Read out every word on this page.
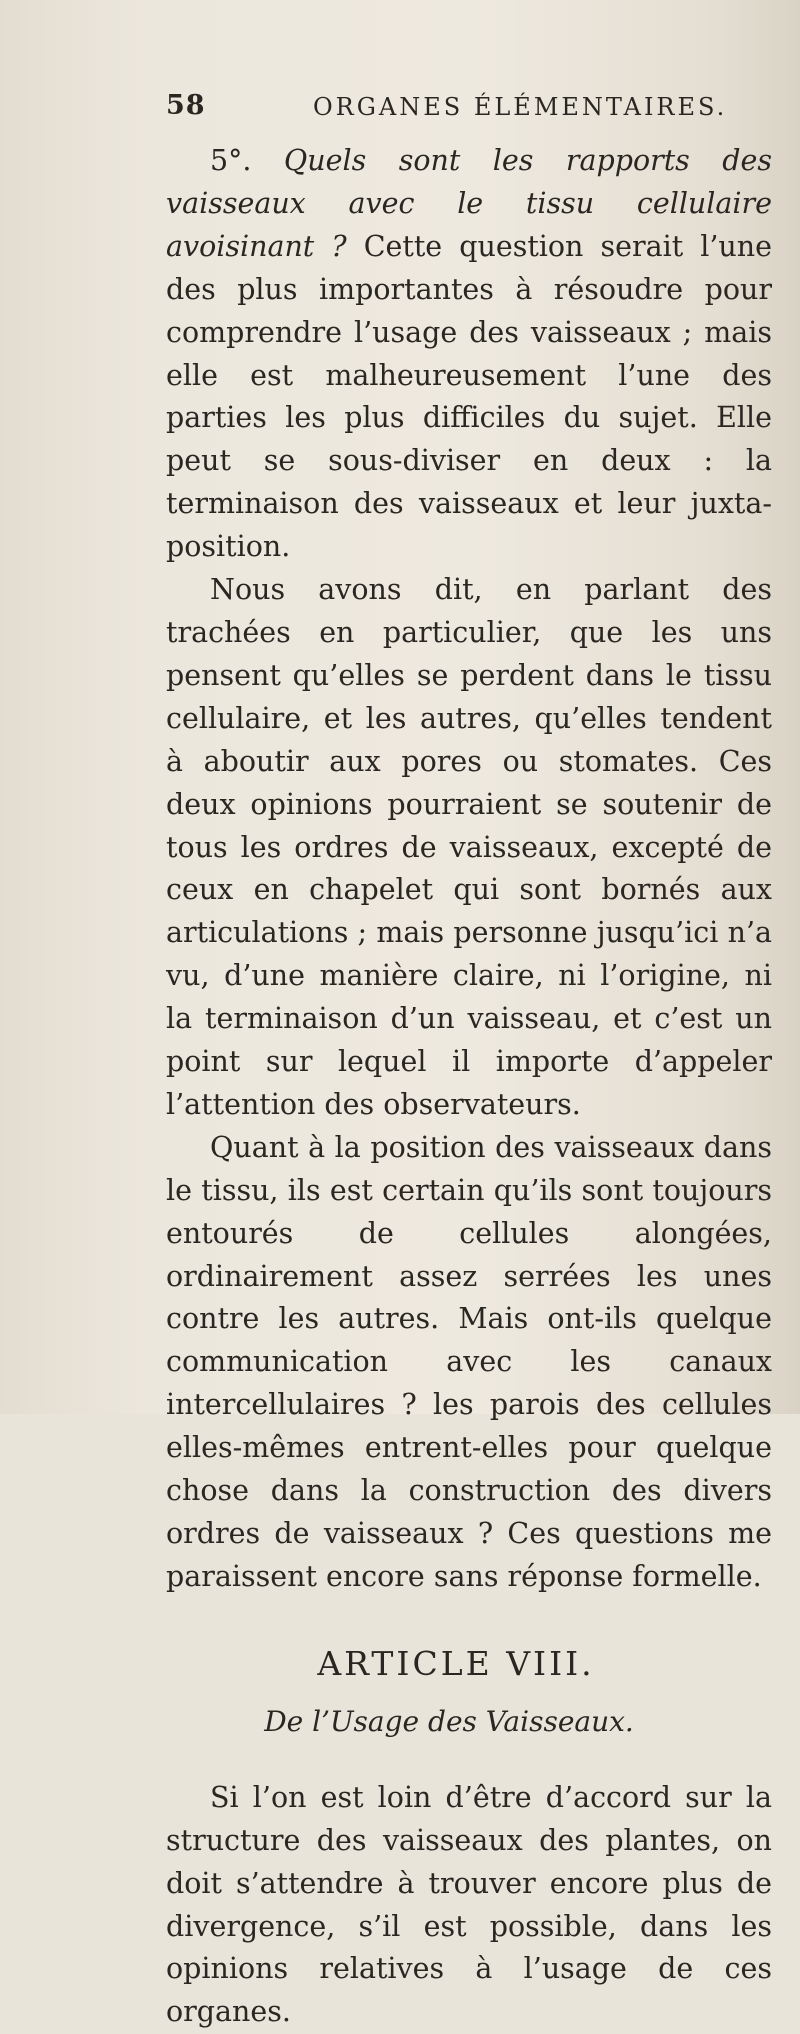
58	ORGANES ÉLÉMENTAIRES.

5°. Quels sont les rapports des vaisseaux avec le tissu cellulaire avoisinant ? Cette question serait l’une des plus importantes à résoudre pour comprendre l’usage des vaisseaux ; mais elle est malheureusement l’une des parties les plus difficiles du sujet. Elle peut se sous-diviser en deux : la terminaison des vaisseaux et leur juxta-position.

Nous avons dit, en parlant des trachées en particulier, que les uns pensent qu’elles se perdent dans le tissu cellulaire, et les autres, qu’elles tendent à aboutir aux pores ou stomates. Ces deux opinions pourraient se soutenir de tous les ordres de vaisseaux, excepté de ceux en chapelet qui sont bornés aux articulations ; mais personne jusqu’ici n’a vu, d’une manière claire, ni l’origine, ni la terminaison d’un vaisseau, et c’est un point sur lequel il importe d’appeler l’attention des observateurs.

Quant à la position des vaisseaux dans le tissu, ils est certain qu’ils sont toujours entourés de cellules alongées, ordinairement assez serrées les unes contre les autres. Mais ont-ils quelque communication avec les canaux intercellulaires ? les parois des cellules elles-mêmes entrent-elles pour quelque chose dans la construction des divers ordres de vaisseaux ? Ces questions me paraissent encore sans réponse formelle.

ARTICLE VIII.
De l’Usage des Vaisseaux.

Si l’on est loin d’être d’accord sur la structure des vaisseaux des plantes, on doit s’attendre à trouver encore plus de divergence, s’il est possible, dans les opinions relatives à l’usage de ces organes.
